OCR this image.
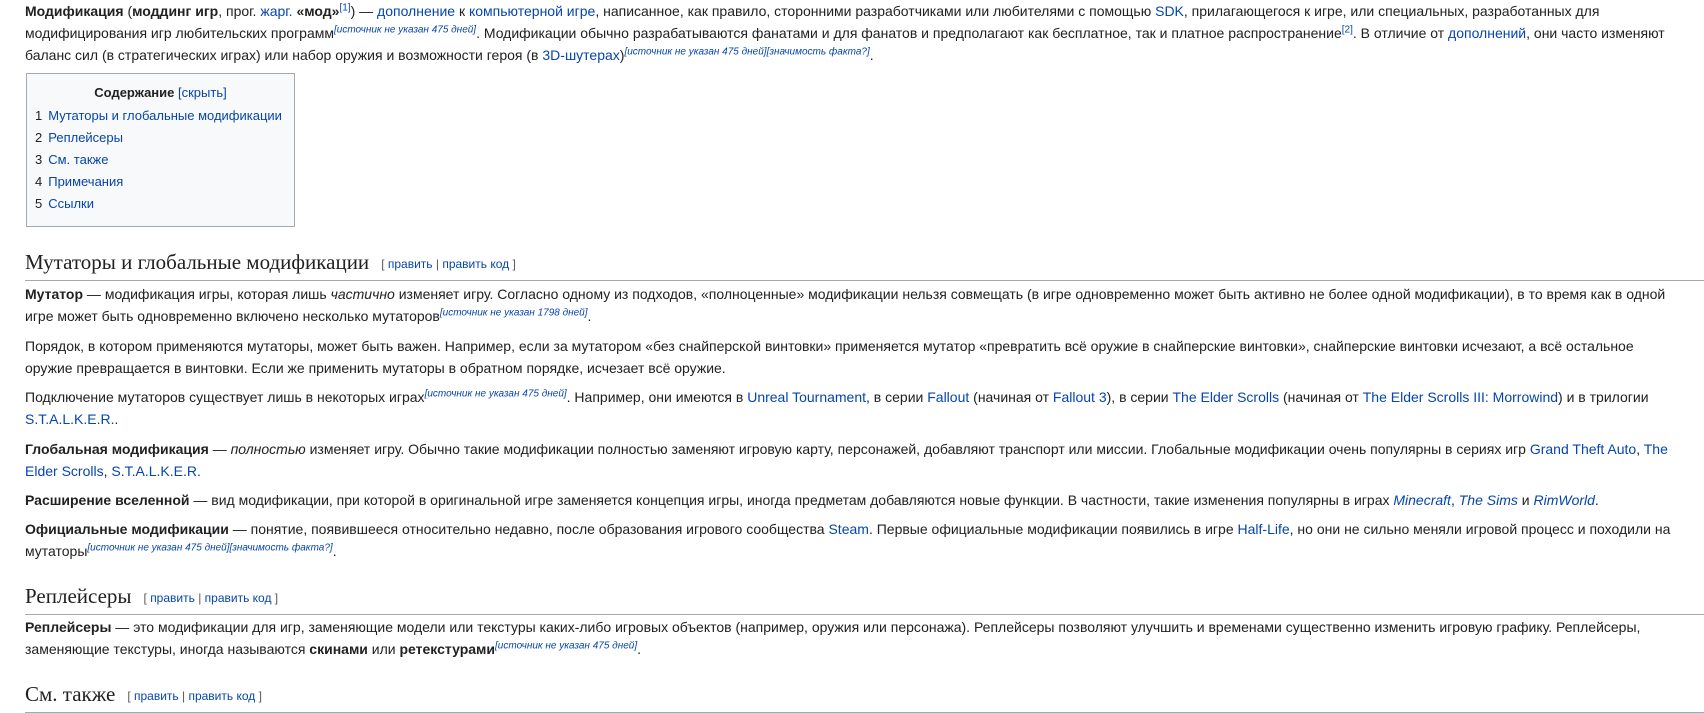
Модификация (моддинг игр, прог. жарг. «мод»[1]) — дополнение к компьютерной игре, написанное, как правило, сторонними разработчиками или любителями с помощью SDK, прилагающегося к игре, или специальных, разработанных для модифицирования игр любительских программ[источник не указан 475 дней]. Модификации обычно разрабатываются фанатами и для фанатов и предполагают как бесплатное, так и платное распространение[2]. В отличие от дополнений, они часто изменяют баланс сил (в стратегических играх) или набор оружия и возможности героя (в 3D-шутерах)[источник не указан 475 дней][значимость факта?].
Содержание [скрыть]
1 Мутаторы и глобальные модификации
2 Реплейсеры
3 См. также
4 Примечания
5 Ссылки
Мутаторы и глобальные модификации [ править | править код ]
Мутатор — модификация игры, которая лишь частично изменяет игру. Согласно одному из подходов, «полноценные» модификации нельзя совмещать (в игре одновременно может быть активно не более одной модификации), в то время как в одной игре может быть одновременно включено несколько мутаторов[источник не указан 1798 дней].
Порядок, в котором применяются мутаторы, может быть важен. Например, если за мутатором «без снайперской винтовки» применяется мутатор «превратить всё оружие в снайперские винтовки», снайперские винтовки исчезают, а всё остальное оружие превращается в винтовки. Если же применить мутаторы в обратном порядке, исчезает всё оружие.
Подключение мутаторов существует лишь в некоторых играх[источник не указан 475 дней]. Например, они имеются в Unreal Tournament, в серии Fallout (начиная от Fallout 3), в серии The Elder Scrolls (начиная от The Elder Scrolls III: Morrowind) и в трилогии S.T.A.L.K.E.R..
Глобальная модификация — полностью изменяет игру. Обычно такие модификации полностью заменяют игровую карту, персонажей, добавляют транспорт или миссии. Глобальные модификации очень популярны в сериях игр Grand Theft Auto, The Elder Scrolls, S.T.A.L.K.E.R.
Расширение вселенной — вид модификации, при которой в оригинальной игре заменяется концепция игры, иногда предметам добавляются новые функции. В частности, такие изменения популярны в играх Minecraft, The Sims и RimWorld.
Официальные модификации — понятие, появившееся относительно недавно, после образования игрового сообщества Steam. Первые официальные модификации появились в игре Half-Life, но они не сильно меняли игровой процесс и походили на мутаторы[источник не указан 475 дней][значимость факта?].
Реплейсеры [ править | править код ]
Реплейсеры — это модификации для игр, заменяющие модели или текстуры каких-либо игровых объектов (например, оружия или персонажа). Реплейсеры позволяют улучшить и временами существенно изменить игровую графику. Реплейсеры, заменяющие текстуры, иногда называются скинами или ретекстурами[источник не указан 475 дней].
См. также [ править | править код ]
